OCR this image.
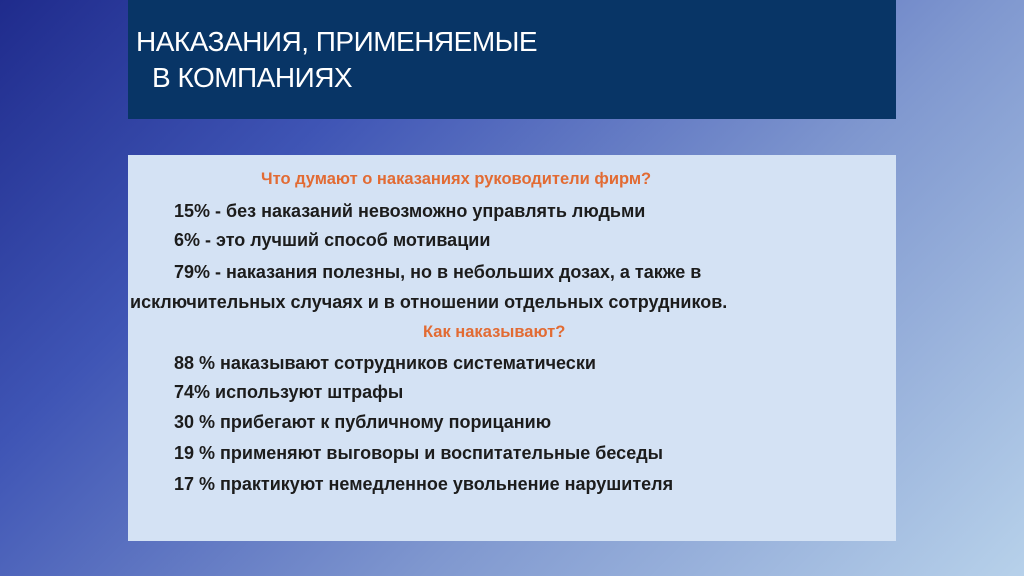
НАКАЗАНИЯ, ПРИМЕНЯЕМЫЕ
В КОМПАНИЯХ
Что думают о наказаниях руководители фирм?
15% - без наказаний невозможно управлять людьми
6% - это лучший способ мотивации
79% - наказания полезны, но в небольших дозах, а также в
исключительных случаях и в отношении отдельных сотрудников.
Как наказывают?
88 % наказывают сотрудников систематически
74% используют штрафы
30 % прибегают к публичному порицанию
19 % применяют выговоры и воспитательные беседы
17 % практикуют немедленное увольнение нарушителя
